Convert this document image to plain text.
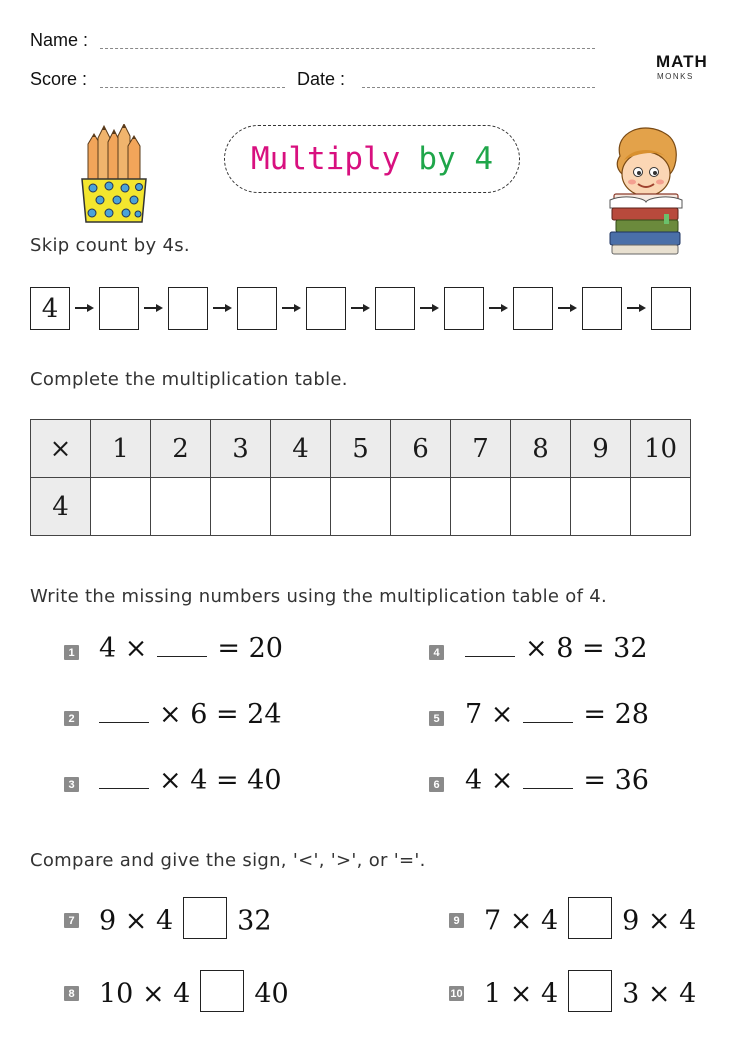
Name :
Score :	Date :
MATH
MONKS
Multiply by 4
Skip count by 4s.
4
Complete the multiplication table.
×	1	2	3	4	5	6	7	8	9	10
4										
Write the missing numbers using the multiplication table of 4.
1 4 ×	= 20
2	× 6 = 24
3	× 4 = 40
4	× 8 = 32
5 7 ×	= 28
6 4 ×	= 36
Compare and give the sign, '<', '>', or '='.
7 9 × 4 32
8 10 × 4 40
9 7 × 4 9 × 4
10 1 × 4 3 × 4
